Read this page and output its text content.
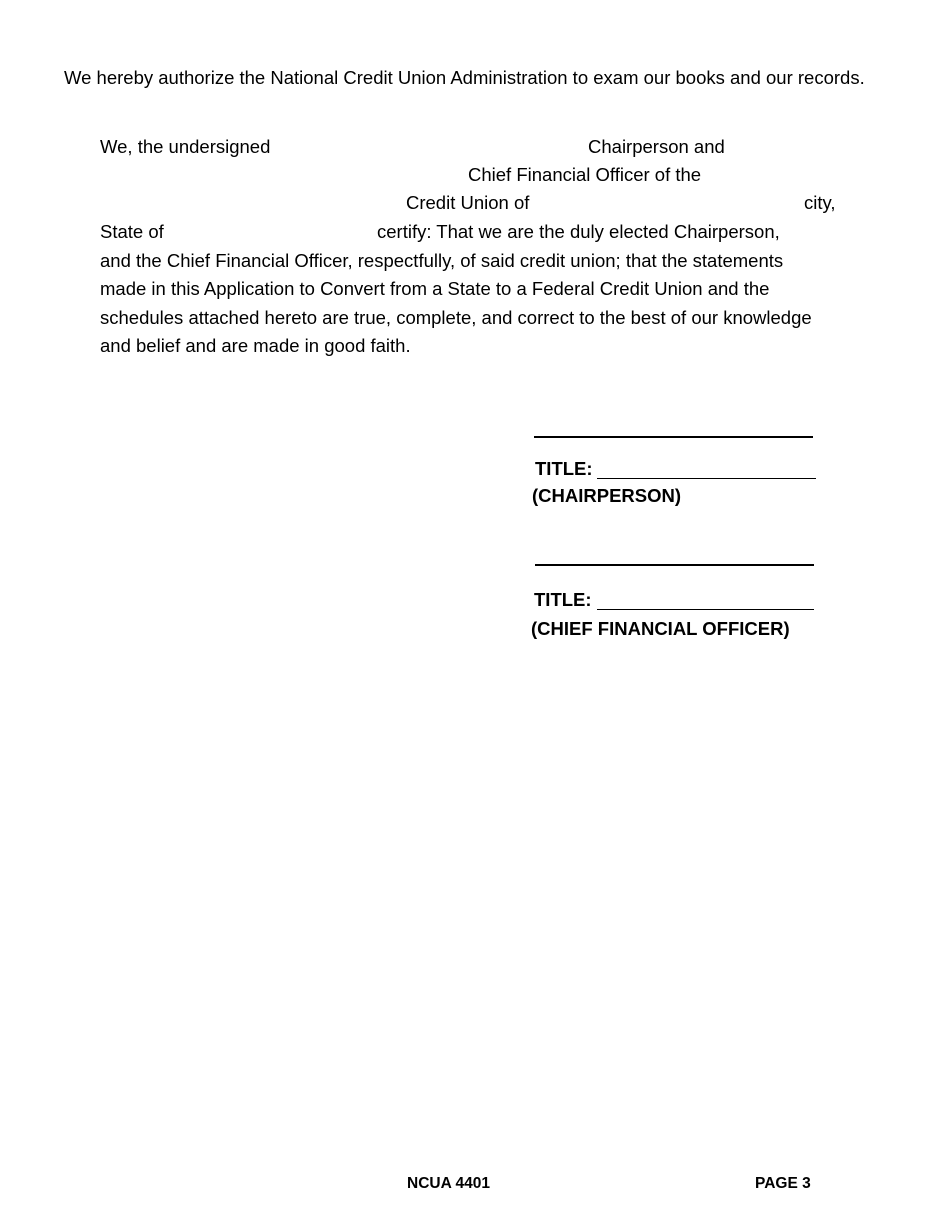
We hereby authorize the National Credit Union Administration to exam our books and our records.
We, the undersigned	Chairperson and
Chief Financial Officer of the
Credit Union of	city,
State of	certify: That we are the duly elected Chairperson,
and the Chief Financial Officer, respectfully, of said credit union; that the statements
made in this Application to Convert from a State to a Federal Credit Union and the
schedules attached hereto are true, complete, and correct to the best of our knowledge
and belief and are made in good faith.
TITLE:
(CHAIRPERSON)
TITLE:
(CHIEF FINANCIAL OFFICER)
NCUA 4401	PAGE 3
